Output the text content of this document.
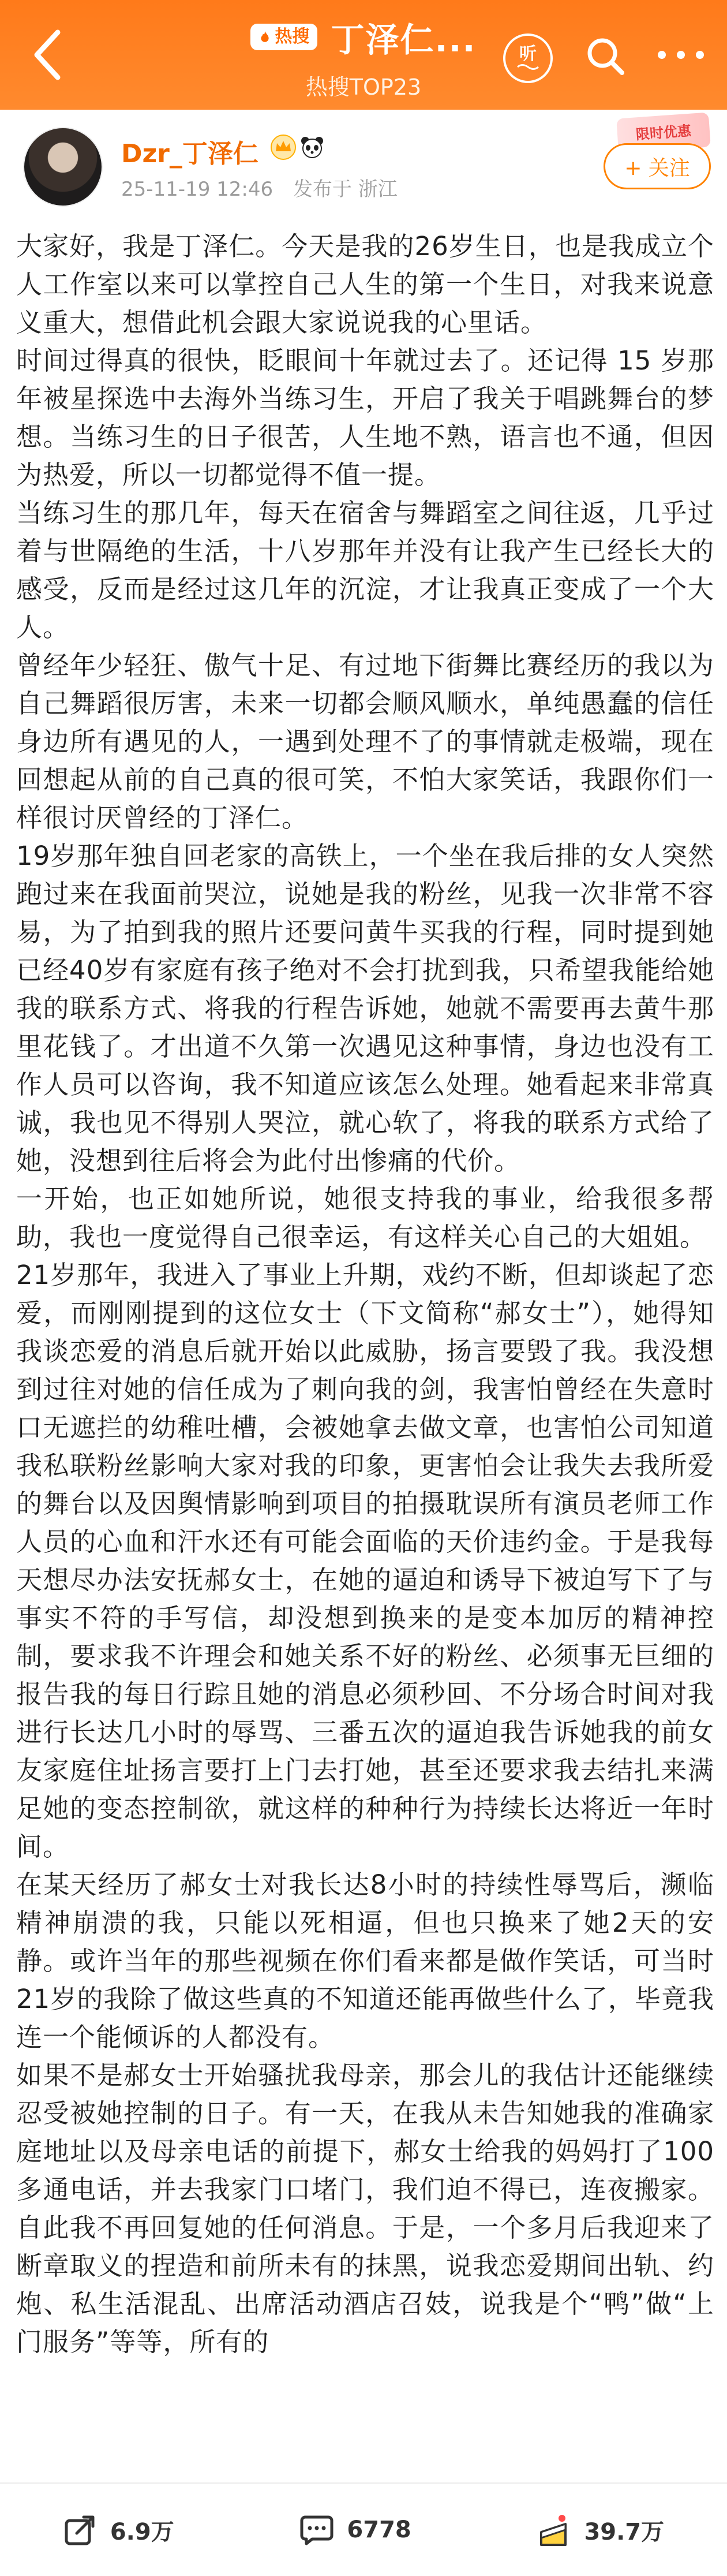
热搜 丁泽仁...
热搜TOP23
听
Dzr_丁泽仁
25-11-19 12:46 发布于 浙江
限时优惠
+ 关注

大家好，我是丁泽仁。今天是我的26岁生日，也是我成立个人工作室以来可以掌控自己人生的第一个生日，对我来说意义重大，想借此机会跟大家说说我的心里话。

时间过得真的很快，眨眼间十年就过去了。还记得 15 岁那年被星探选中去海外当练习生，开启了我关于唱跳舞台的梦想。当练习生的日子很苦，人生地不熟，语言也不通，但因为热爱，所以一切都觉得不值一提。

当练习生的那几年，每天在宿舍与舞蹈室之间往返，几乎过着与世隔绝的生活，十八岁那年并没有让我产生已经长大的感受，反而是经过这几年的沉淀，才让我真正变成了一个大人。

曾经年少轻狂、傲气十足、有过地下街舞比赛经历的我以为自己舞蹈很厉害，未来一切都会顺风顺水，单纯愚蠢的信任身边所有遇见的人，一遇到处理不了的事情就走极端，现在回想起从前的自己真的很可笑，不怕大家笑话，我跟你们一样很讨厌曾经的丁泽仁。

19岁那年独自回老家的高铁上，一个坐在我后排的女人突然跑过来在我面前哭泣，说她是我的粉丝，见我一次非常不容易，为了拍到我的照片还要问黄牛买我的行程，同时提到她已经40岁有家庭有孩子绝对不会打扰到我，只希望我能给她我的联系方式、将我的行程告诉她，她就不需要再去黄牛那里花钱了。才出道不久第一次遇见这种事情，身边也没有工作人员可以咨询，我不知道应该怎么处理。她看起来非常真诚，我也见不得别人哭泣，就心软了，将我的联系方式给了她，没想到往后将会为此付出惨痛的代价。

一开始，也正如她所说，她很支持我的事业，给我很多帮助，我也一度觉得自己很幸运，有这样关心自己的大姐姐。

21岁那年，我进入了事业上升期，戏约不断，但却谈起了恋爱，而刚刚提到的这位女士（下文简称“郝女士”），她得知我谈恋爱的消息后就开始以此威胁，扬言要毁了我。我没想到过往对她的信任成为了刺向我的剑，我害怕曾经在失意时口无遮拦的幼稚吐槽，会被她拿去做文章，也害怕公司知道我私联粉丝影响大家对我的印象，更害怕会让我失去我所爱的舞台以及因舆情影响到项目的拍摄耽误所有演员老师工作人员的心血和汗水还有可能会面临的天价违约金。于是我每天想尽办法安抚郝女士，在她的逼迫和诱导下被迫写下了与事实不符的手写信，却没想到换来的是变本加厉的精神控制，要求我不许理会和她关系不好的粉丝、必须事无巨细的报告我的每日行踪且她的消息必须秒回、不分场合时间对我进行长达几小时的辱骂、三番五次的逼迫我告诉她我的前女友家庭住址扬言要打上门去打她，甚至还要求我去结扎来满足她的变态控制欲，就这样的种种行为持续长达将近一年时间。

在某天经历了郝女士对我长达8小时的持续性辱骂后，濒临精神崩溃的我，只能以死相逼，但也只换来了她2天的安静。或许当年的那些视频在你们看来都是做作笑话，可当时21岁的我除了做这些真的不知道还能再做些什么了，毕竟我连一个能倾诉的人都没有。

如果不是郝女士开始骚扰我母亲，那会儿的我估计还能继续忍受被她控制的日子。有一天，在我从未告知她我的准确家庭地址以及母亲电话的前提下，郝女士给我的妈妈打了100多通电话，并去我家门口堵门，我们迫不得已，连夜搬家。自此我不再回复她的任何消息。于是，一个多月后我迎来了断章取义的捏造和前所未有的抹黑，说我恋爱期间出轨、约炮、私生活混乱、出席活动酒店召妓，说我是个“鸭”做“上门服务”等等，所有的

6.9万	6778	39.7万
